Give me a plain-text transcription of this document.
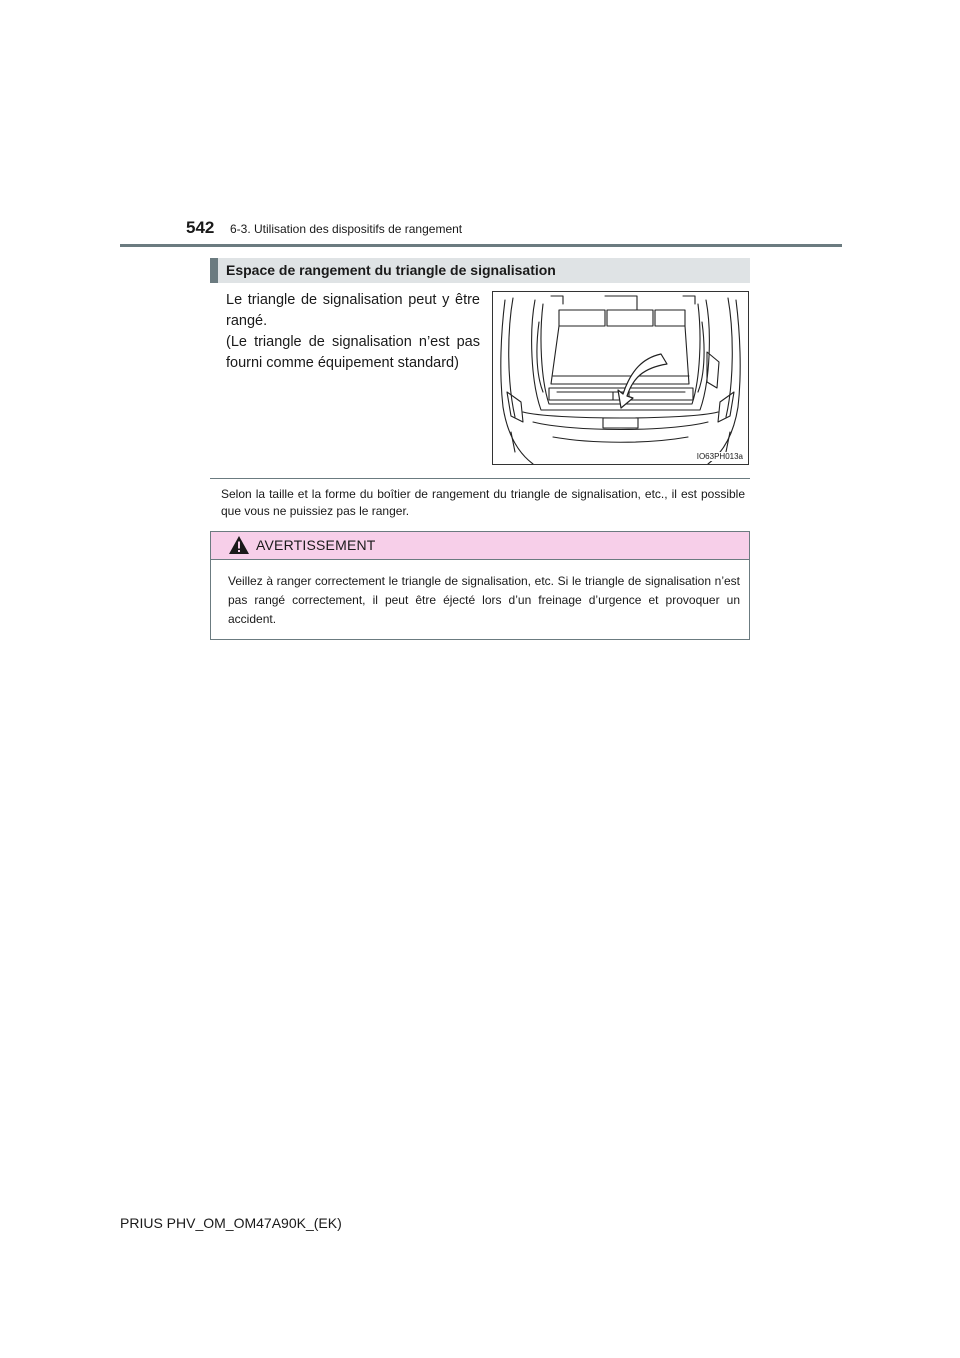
542 6-3. Utilisation des dispositifs de rangement
Espace de rangement du triangle de signalisation

Le triangle de signalisation peut y être rangé.

(Le triangle de signalisation n’est pas fourni comme équipement standard)

IO63PH013a
Selon la taille et la forme du boîtier de rangement du triangle de signalisation, etc., il est possible que vous ne puissiez pas le ranger.
AVERTISSEMENT
Veillez à ranger correctement le triangle de signalisation, etc. Si le triangle de signalisation n’est pas rangé correctement, il peut être éjecté lors d’un freinage d’urgence et provoquer un accident.
PRIUS PHV_OM_OM47A90K_(EK)
